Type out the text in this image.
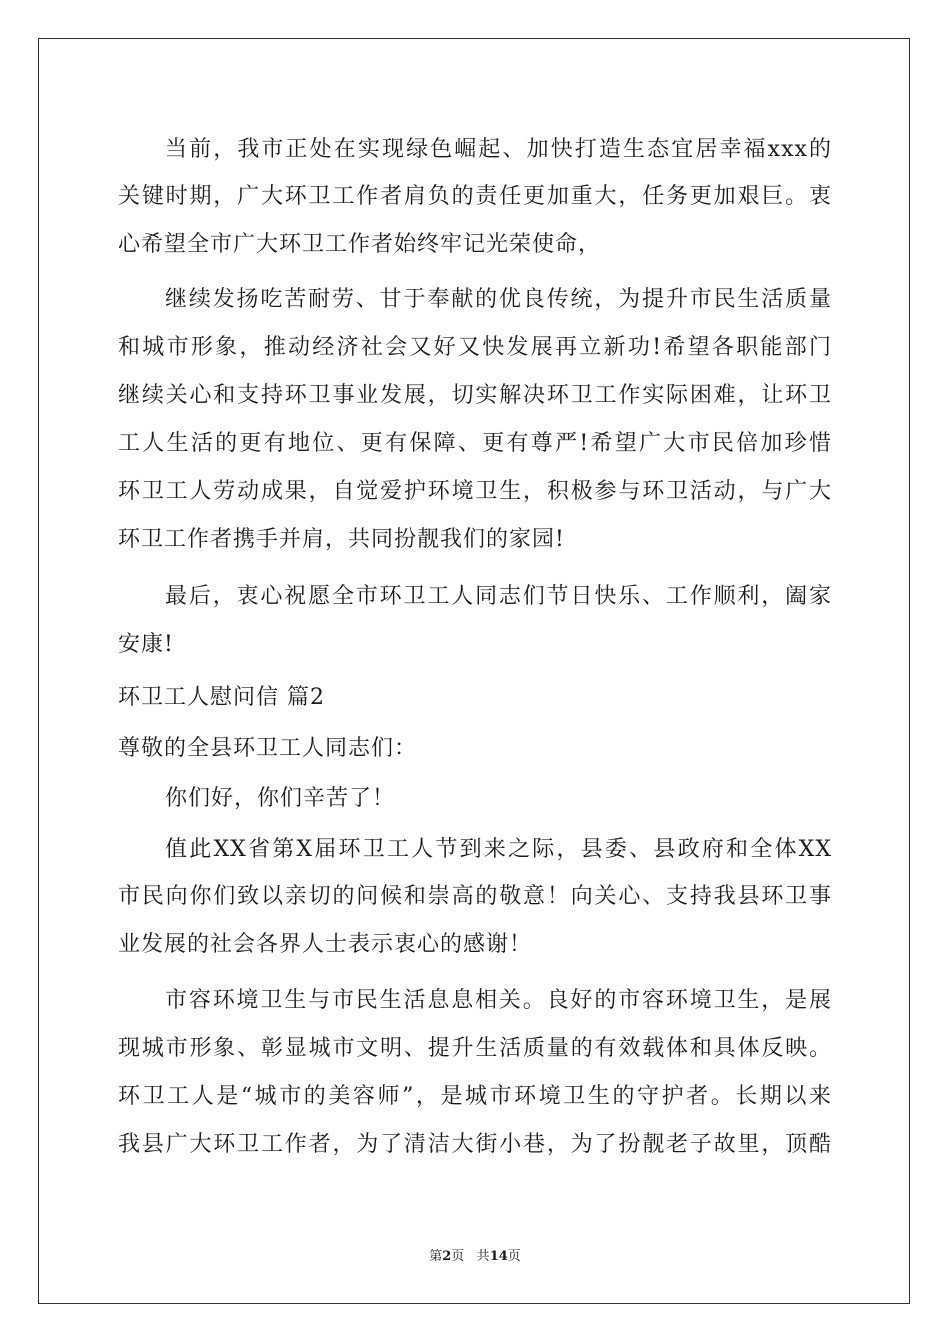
当前，我市正处在实现绿色崛起、加快打造生态宜居幸福xxx的
关键时期，广大环卫工作者肩负的责任更加重大，任务更加艰巨。衷
心希望全市广大环卫工作者始终牢记光荣使命，
继续发扬吃苦耐劳、甘于奉献的优良传统，为提升市民生活质量
和城市形象，推动经济社会又好又快发展再立新功!希望各职能部门
继续关心和支持环卫事业发展，切实解决环卫工作实际困难，让环卫
工人生活的更有地位、更有保障、更有尊严!希望广大市民倍加珍惜
环卫工人劳动成果，自觉爱护环境卫生，积极参与环卫活动，与广大
环卫工作者携手并肩，共同扮靓我们的家园!
最后，衷心祝愿全市环卫工人同志们节日快乐、工作顺利，阖家
安康!
环卫工人慰问信 篇2
尊敬的全县环卫工人同志们：
你们好，你们辛苦了！
值此XX省第X届环卫工人节到来之际，县委、县政府和全体XX
市民向你们致以亲切的问候和崇高的敬意！向关心、支持我县环卫事
业发展的社会各界人士表示衷心的感谢！
市容环境卫生与市民生活息息相关。良好的市容环境卫生，是展
现城市形象、彰显城市文明、提升生活质量的有效载体和具体反映。
环卫工人是“城市的美容师”，是城市环境卫生的守护者。长期以来
我县广大环卫工作者，为了清洁大街小巷，为了扮靓老子故里，顶酷
第2页 共14页
